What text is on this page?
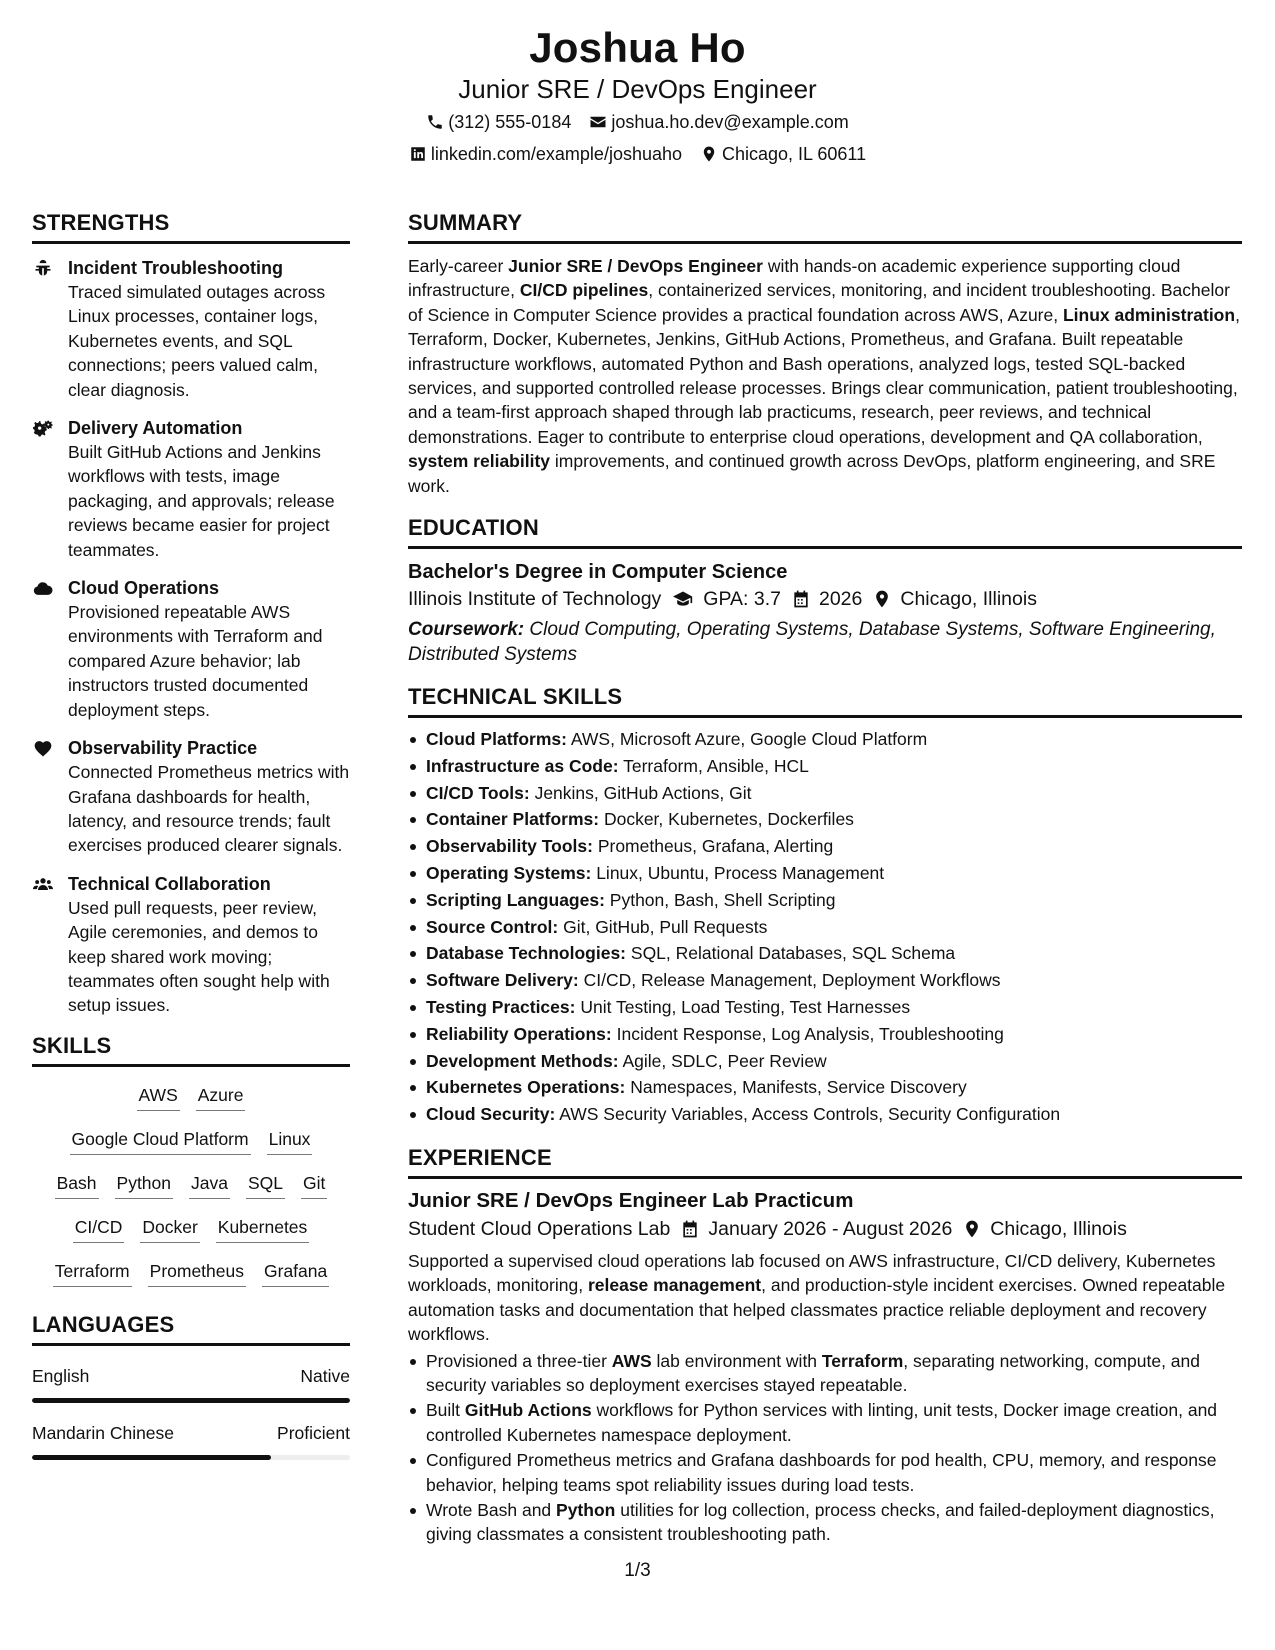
Joshua Ho
Junior SRE / DevOps Engineer
(312) 555-0184 joshua.ho.dev@example.com
linkedin.com/example/joshuaho Chicago, IL 60611
STRENGTHS
Incident Troubleshooting
Traced simulated outages across Linux processes, container logs, Kubernetes events, and SQL connections; peers valued calm, clear diagnosis.
Delivery Automation
Built GitHub Actions and Jenkins workflows with tests, image packaging, and approvals; release reviews became easier for project teammates.
Cloud Operations
Provisioned repeatable AWS environments with Terraform and compared Azure behavior; lab instructors trusted documented deployment steps.
Observability Practice
Connected Prometheus metrics with Grafana dashboards for health, latency, and resource trends; fault exercises produced clearer signals.
Technical Collaboration
Used pull requests, peer review, Agile ceremonies, and demos to keep shared work moving; teammates often sought help with setup issues.
SKILLS
AWS Azure
Google Cloud Platform Linux
Bash Python Java SQL Git
CI/CD Docker Kubernetes
Terraform Prometheus Grafana
LANGUAGES
English	Native
Mandarin Chinese	Proficient
SUMMARY

Early-career Junior SRE / DevOps Engineer with hands-on academic experience supporting cloud infrastructure, CI/CD pipelines, containerized services, monitoring, and incident troubleshooting. Bachelor of Science in Computer Science provides a practical foundation across AWS, Azure, Linux administration, Terraform, Docker, Kubernetes, Jenkins, GitHub Actions, Prometheus, and Grafana. Built repeatable infrastructure workflows, automated Python and Bash operations, analyzed logs, tested SQL-backed services, and supported controlled release processes. Brings clear communication, patient troubleshooting, and a team-first approach shaped through lab practicums, research, peer reviews, and technical demonstrations. Eager to contribute to enterprise cloud operations, development and QA collaboration, system reliability improvements, and continued growth across DevOps, platform engineering, and SRE work.

EDUCATION
Bachelor's Degree in Computer Science
Illinois Institute of Technology GPA: 3.7 2026 Chicago, Illinois
Coursework: Cloud Computing, Operating Systems, Database Systems, Software Engineering, Distributed Systems
TECHNICAL SKILLS
Cloud Platforms: AWS, Microsoft Azure, Google Cloud Platform
Infrastructure as Code: Terraform, Ansible, HCL
CI/CD Tools: Jenkins, GitHub Actions, Git
Container Platforms: Docker, Kubernetes, Dockerfiles
Observability Tools: Prometheus, Grafana, Alerting
Operating Systems: Linux, Ubuntu, Process Management
Scripting Languages: Python, Bash, Shell Scripting
Source Control: Git, GitHub, Pull Requests
Database Technologies: SQL, Relational Databases, SQL Schema
Software Delivery: CI/CD, Release Management, Deployment Workflows
Testing Practices: Unit Testing, Load Testing, Test Harnesses
Reliability Operations: Incident Response, Log Analysis, Troubleshooting
Development Methods: Agile, SDLC, Peer Review
Kubernetes Operations: Namespaces, Manifests, Service Discovery
Cloud Security: AWS Security Variables, Access Controls, Security Configuration
EXPERIENCE
Junior SRE / DevOps Engineer Lab Practicum
Student Cloud Operations Lab January 2026 - August 2026 Chicago, Illinois

Supported a supervised cloud operations lab focused on AWS infrastructure, CI/CD delivery, Kubernetes workloads, monitoring, release management, and production-style incident exercises. Owned repeatable automation tasks and documentation that helped classmates practice reliable deployment and recovery workflows.

Provisioned a three-tier AWS lab environment with Terraform, separating networking, compute, and security variables so deployment exercises stayed repeatable.
Built GitHub Actions workflows for Python services with linting, unit tests, Docker image creation, and controlled Kubernetes namespace deployment.
Configured Prometheus metrics and Grafana dashboards for pod health, CPU, memory, and response behavior, helping teams spot reliability issues during load tests.
Wrote Bash and Python utilities for log collection, process checks, and failed-deployment diagnostics, giving classmates a consistent troubleshooting path.
1/3
